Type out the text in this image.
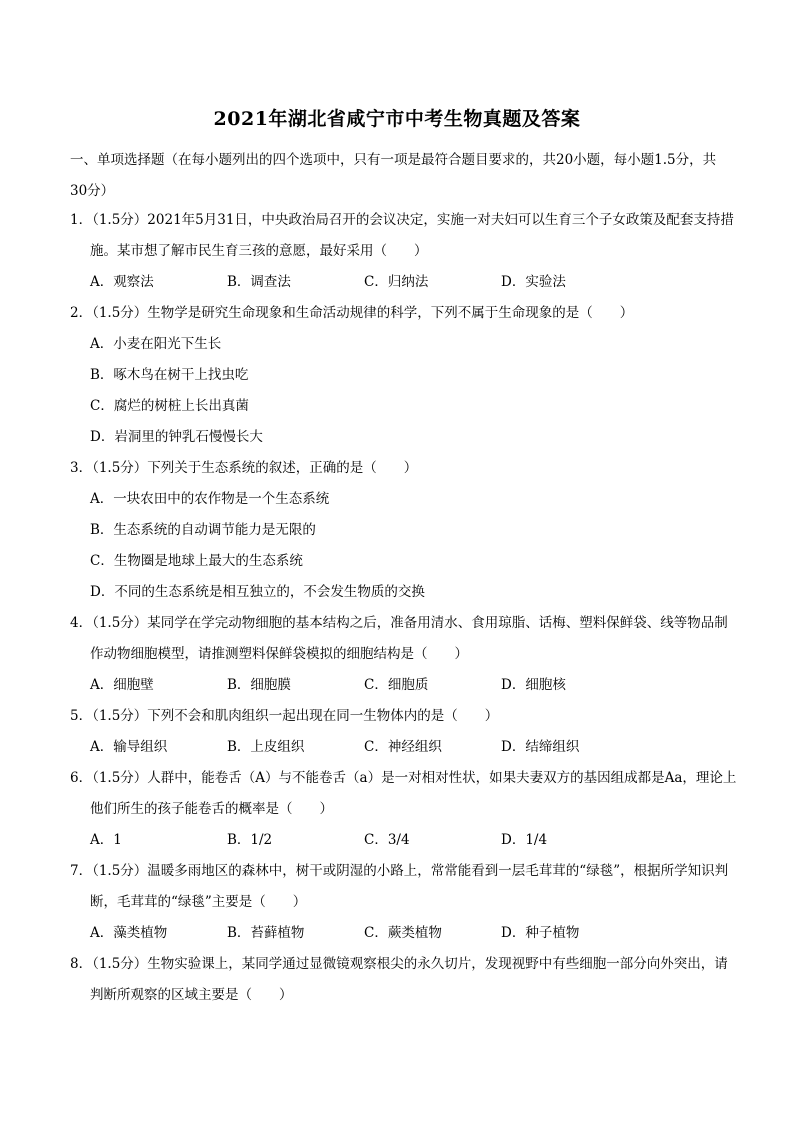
2021年湖北省咸宁市中考生物真题及答案
一、单项选择题（在每小题列出的四个选项中，只有一项是最符合题目要求的，共20小题，每小题1.5分，共30分）
1．（1.5分）2021年5月31日，中央政治局召开的会议决定，实施一对夫妇可以生育三个子女政策及配套支持措施。某市想了解市民生育三孩的意愿，最好采用（　　）
A．观察法	B．调查法	C．归纳法	D．实验法
2．（1.5分）生物学是研究生命现象和生命活动规律的科学，下列不属于生命现象的是（　　）
A．小麦在阳光下生长
B．啄木鸟在树干上找虫吃
C．腐烂的树桩上长出真菌
D．岩洞里的钟乳石慢慢长大
3．（1.5分）下列关于生态系统的叙述，正确的是（　　）
A．一块农田中的农作物是一个生态系统
B．生态系统的自动调节能力是无限的
C．生物圈是地球上最大的生态系统
D．不同的生态系统是相互独立的，不会发生物质的交换
4．（1.5分）某同学在学完动物细胞的基本结构之后，准备用清水、食用琼脂、话梅、塑料保鲜袋、线等物品制作动物细胞模型，请推测塑料保鲜袋模拟的细胞结构是（　　）
A．细胞壁	B．细胞膜	C．细胞质	D．细胞核
5．（1.5分）下列不会和肌肉组织一起出现在同一生物体内的是（　　）
A．输导组织	B．上皮组织	C．神经组织	D．结缔组织
6．（1.5分）人群中，能卷舌（A）与不能卷舌（a）是一对相对性状，如果夫妻双方的基因组成都是Aa，理论上他们所生的孩子能卷舌的概率是（　　）
A．1	B．1/2	C．3/4	D．1/4
7．（1.5分）温暖多雨地区的森林中，树干或阴湿的小路上，常常能看到一层毛茸茸的“绿毯”，根据所学知识判断，毛茸茸的“绿毯”主要是（　　）
A．藻类植物	B．苔藓植物	C．蕨类植物	D．种子植物
8．（1.5分）生物实验课上，某同学通过显微镜观察根尖的永久切片，发现视野中有些细胞一部分向外突出，请判断所观察的区域主要是（　　）
